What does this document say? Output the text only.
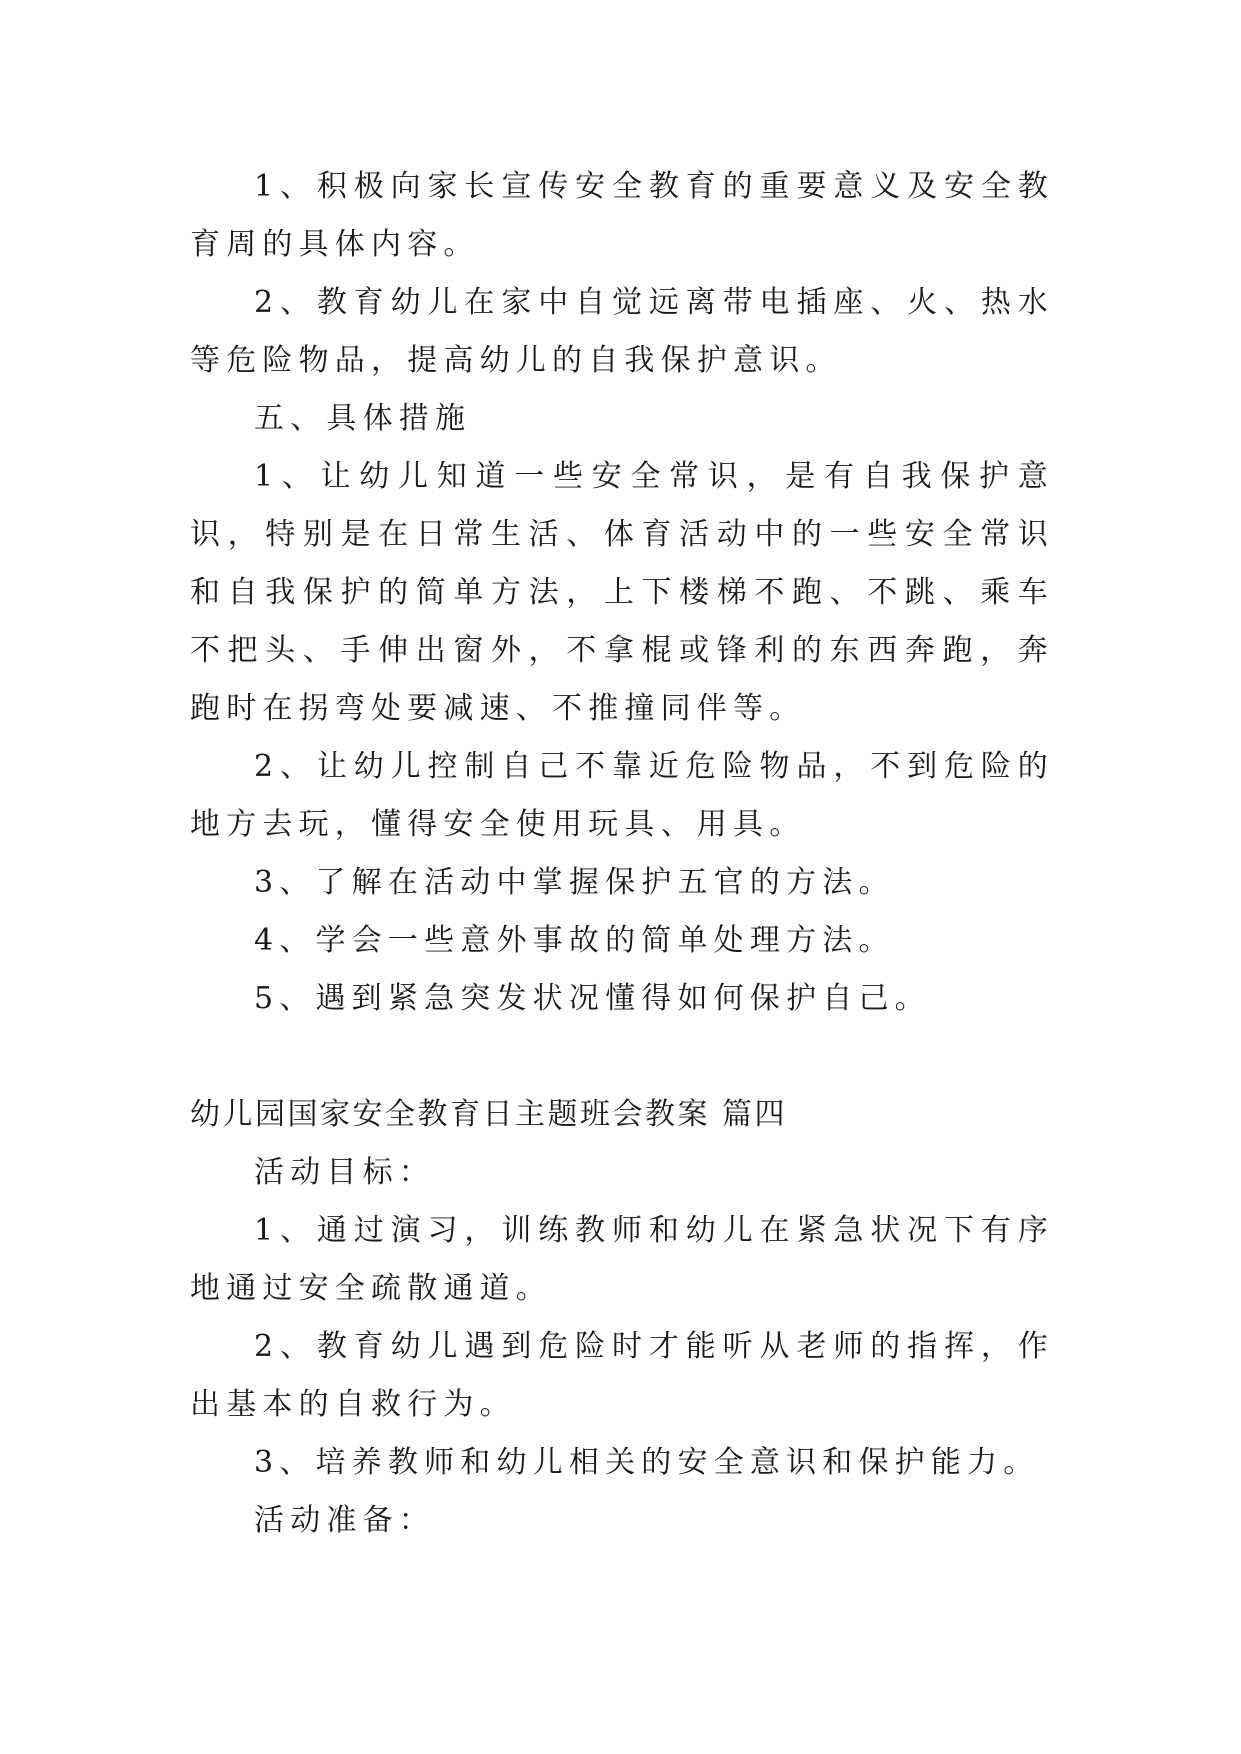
1、积极向家长宣传安全教育的重要意义及安全教育周的具体内容。

2、教育幼儿在家中自觉远离带电插座、火、热水等危险物品，提高幼儿的自我保护意识。

五、具体措施

1、让幼儿知道一些安全常识，是有自我保护意识，特别是在日常生活、体育活动中的一些安全常识和自我保护的简单方法，上下楼梯不跑、不跳、乘车不把头、手伸出窗外，不拿棍或锋利的东西奔跑，奔跑时在拐弯处要减速、不推撞同伴等。

2、让幼儿控制自己不靠近危险物品，不到危险的地方去玩，懂得安全使用玩具、用具。

3、了解在活动中掌握保护五官的方法。

4、学会一些意外事故的简单处理方法。

5、遇到紧急突发状况懂得如何保护自己。

幼儿园国家安全教育日主题班会教案 篇四

活动目标：

1、通过演习，训练教师和幼儿在紧急状况下有序地通过安全疏散通道。

2、教育幼儿遇到危险时才能听从老师的指挥，作出基本的自救行为。

3、培养教师和幼儿相关的安全意识和保护能力。

活动准备：
